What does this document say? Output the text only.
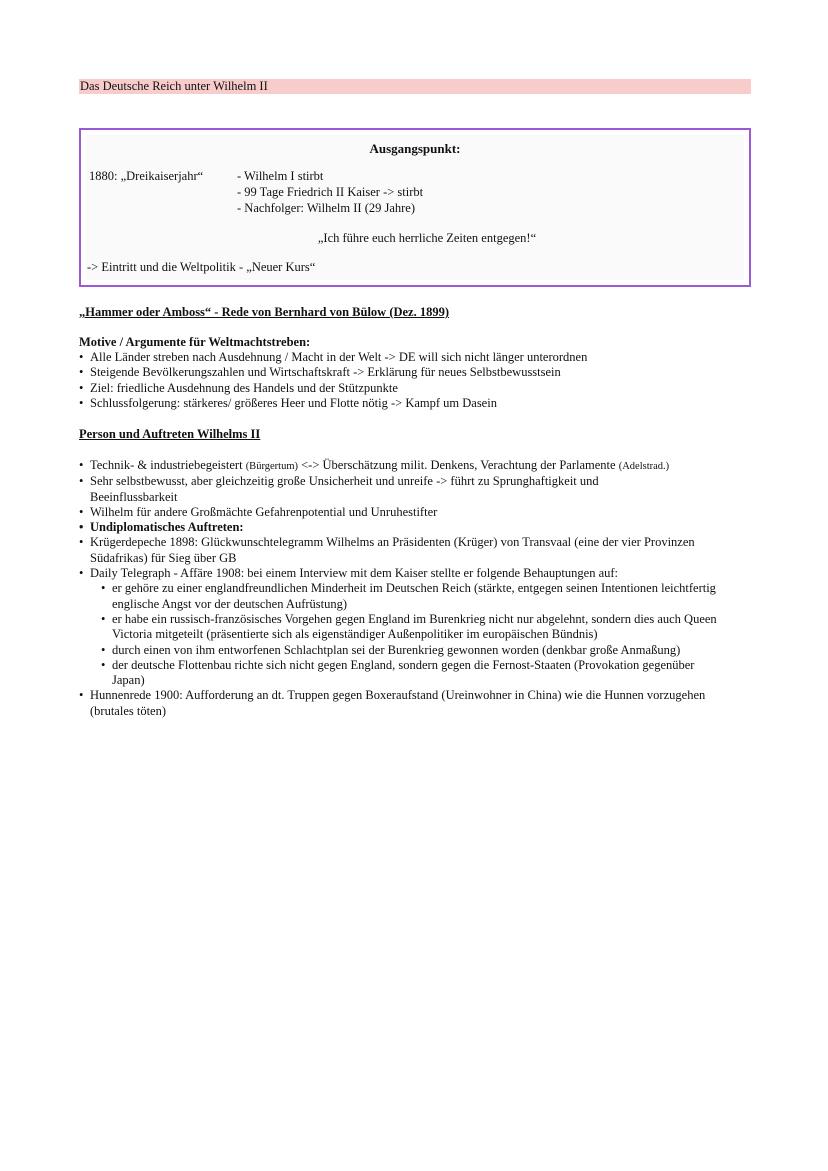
Das Deutsche Reich unter Wilhelm II
Ausgangspunkt:
1880: „Dreikaiserjahr“	- Wilhelm I stirbt
- 99 Tage Friedrich II Kaiser -> stirbt
- Nachfolger: Wilhelm II (29 Jahre)
„Ich führe euch herrliche Zeiten entgegen!“
-> Eintritt und die Weltpolitik - „Neuer Kurs“
„Hammer oder Amboss“ - Rede von Bernhard von Bülow (Dez. 1899)
Motive / Argumente für Weltmachtstreben:
• Alle Länder streben nach Ausdehnung / Macht in der Welt -> DE will sich nicht länger unterordnen
• Steigende Bevölkerungszahlen und Wirtschaftskraft -> Erklärung für neues Selbstbewusstsein
• Ziel: friedliche Ausdehnung des Handels und der Stützpunkte
• Schlussfolgerung: stärkeres/ größeres Heer und Flotte nötig -> Kampf um Dasein
Person und Auftreten Wilhelms II
• Technik- & industriebegeistert (Bürgertum) <-> Überschätzung milit. Denkens, Verachtung der Parlamente (Adelstrad.)
• Sehr selbstbewusst, aber gleichzeitig große Unsicherheit und unreife -> führt zu Sprunghaftigkeit und Beeinflussbarkeit
• Wilhelm für andere Großmächte Gefahrenpotential und Unruhestifter
• Undiplomatisches Auftreten:
• Krügerdepeche 1898: Glückwunschtelegramm Wilhelms an Präsidenten (Krüger) von Transvaal (eine der vier Provinzen Südafrikas) für Sieg über GB
• Daily Telegraph - Affäre 1908: bei einem Interview mit dem Kaiser stellte er folgende Behauptungen auf:
• er gehöre zu einer englandfreundlichen Minderheit im Deutschen Reich (stärkte, entgegen seinen Intentionen leichtfertig englische Angst vor der deutschen Aufrüstung)
• er habe ein russisch-französisches Vorgehen gegen England im Burenkrieg nicht nur abgelehnt, sondern dies auch Queen Victoria mitgeteilt (präsentierte sich als eigenständiger Außenpolitiker im europäischen Bündnis)
• durch einen von ihm entworfenen Schlachtplan sei der Burenkrieg gewonnen worden (denkbar große Anmaßung)
• der deutsche Flottenbau richte sich nicht gegen England, sondern gegen die Fernost-Staaten (Provokation gegenüber Japan)
• Hunnenrede 1900: Aufforderung an dt. Truppen gegen Boxeraufstand (Ureinwohner in China) wie die Hunnen vorzugehen (brutales töten)
